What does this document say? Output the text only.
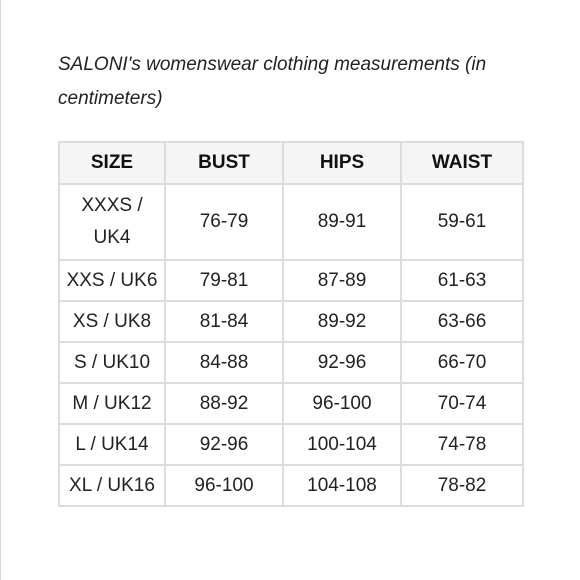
SALONI's womenswear clothing measurements (in centimeters)

SIZE	BUST	HIPS	WAIST
XXXS / UK4	76-79	89-91	59-61
XXS / UK6	79-81	87-89	61-63
XS / UK8	81-84	89-92	63-66
S / UK10	84-88	92-96	66-70
M / UK12	88-92	96-100	70-74
L / UK14	92-96	100-104	74-78
XL / UK16	96-100	104-108	78-82
